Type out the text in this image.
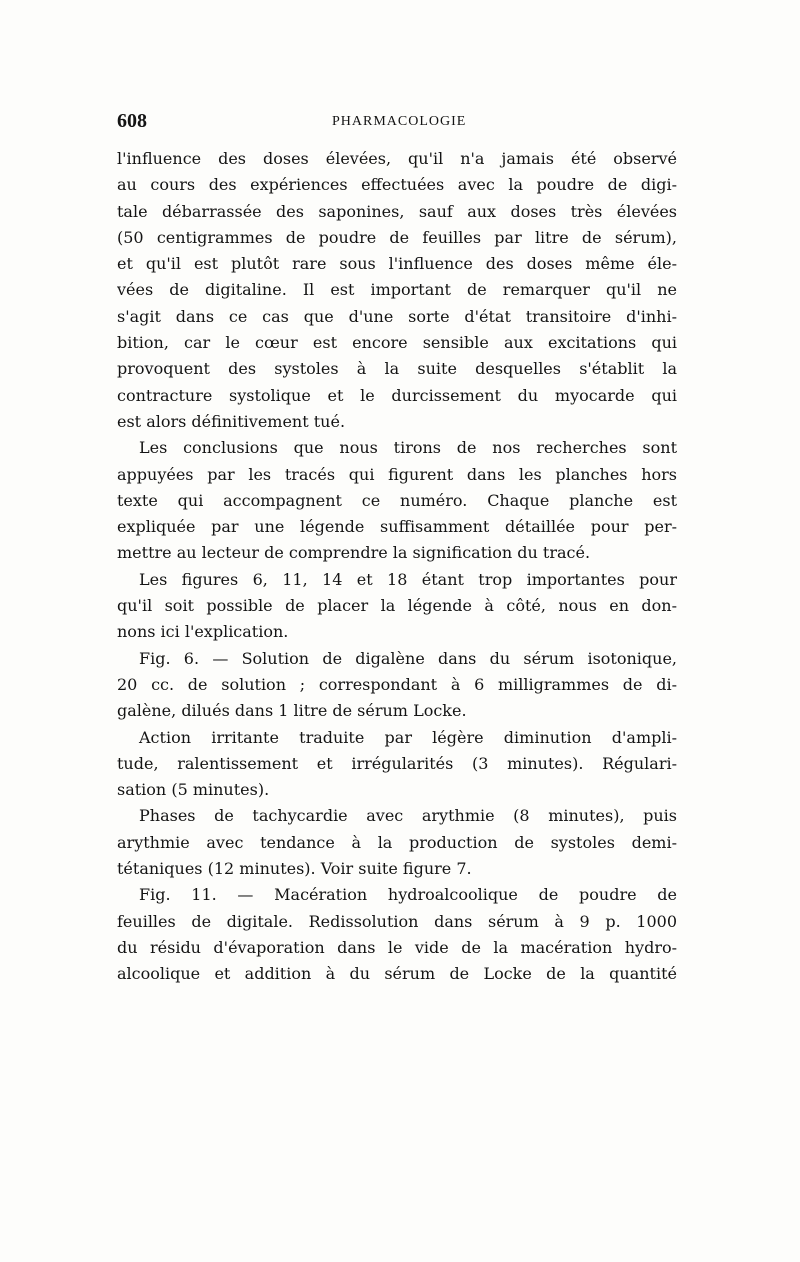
608	PHARMACOLOGIE
l'influence des doses élevées, qu'il n'a jamais été observé
au cours des expériences effectuées avec la poudre de digi-
tale débarrassée des saponines, sauf aux doses très élevées
(50 centigrammes de poudre de feuilles par litre de sérum),
et qu'il est plutôt rare sous l'influence des doses même éle-
vées de digitaline. Il est important de remarquer qu'il ne
s'agit dans ce cas que d'une sorte d'état transitoire d'inhi-
bition, car le cœur est encore sensible aux excitations qui
provoquent des systoles à la suite desquelles s'établit la
contracture systolique et le durcissement du myocarde qui
est alors définitivement tué.
Les conclusions que nous tirons de nos recherches sont
appuyées par les tracés qui figurent dans les planches hors
texte qui accompagnent ce numéro. Chaque planche est
expliquée par une légende suffisamment détaillée pour per-
mettre au lecteur de comprendre la signification du tracé.
Les figures 6, 11, 14 et 18 étant trop importantes pour
qu'il soit possible de placer la légende à côté, nous en don-
nons ici l'explication.
Fig. 6. — Solution de digalène dans du sérum isotonique,
20 cc. de solution ; correspondant à 6 milligrammes de di-
galène, dilués dans 1 litre de sérum Locke.
Action irritante traduite par légère diminution d'ampli-
tude, ralentissement et irrégularités (3 minutes). Régulari-
sation (5 minutes).
Phases de tachycardie avec arythmie (8 minutes), puis
arythmie avec tendance à la production de systoles demi-
tétaniques (12 minutes). Voir suite figure 7.
Fig. 11. — Macération hydroalcoolique de poudre de
feuilles de digitale. Redissolution dans sérum à 9 p. 1000
du résidu d'évaporation dans le vide de la macération hydro-
alcoolique et addition à du sérum de Locke de la quantité
